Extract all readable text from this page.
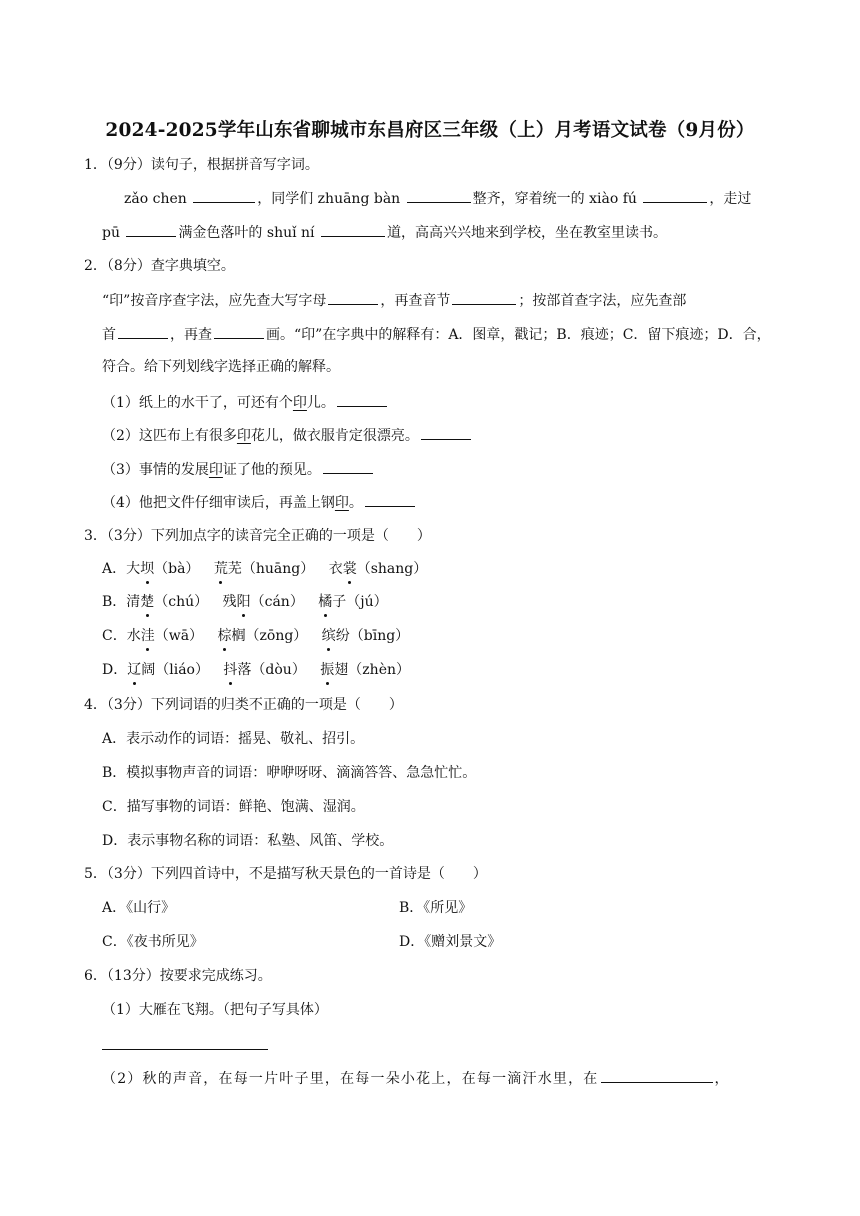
2024-2025学年山东省聊城市东昌府区三年级（上）月考语文试卷（9月份）
1．（9分）读句子，根据拼音写字词。
zǎo chen	，同学们 zhuāng bàn	整齐，穿着统一的 xiào fú	，走过
pū	满金色落叶的 shuǐ ní	道，高高兴兴地来到学校，坐在教室里读书。
2．（8分）查字典填空。
“印”按音序查字法，应先查大写字母	，再查音节	；按部首查字法，应先查部
首	，再查	画。“印”在字典中的解释有：A．图章，戳记；B．痕迹；C．留下痕迹；D．合，
符合。给下列划线字选择正确的解释。
（1）纸上的水干了，可还有个印儿。
（2）这匹布上有很多印花儿，做衣服肯定很漂亮。
（3）事情的发展印证了他的预见。
（4）他把文件仔细审读后，再盖上钢印。
3．（3分）下列加点字的读音完全正确的一项是（　　）
A．大坝（bà） 荒芜（huāng） 衣裳（shang）
B．清楚（chú） 残阳（cán） 橘子（jú）
C．水洼（wā） 棕榈（zōng） 缤纷（bīng）
D．辽阔（liáo） 抖落（dòu） 振翅（zhèn）
4．（3分）下列词语的归类不正确的一项是（　　）
A．表示动作的词语：摇晃、敬礼、招引。
B．模拟事物声音的词语：咿咿呀呀、滴滴答答、急急忙忙。
C．描写事物的词语：鲜艳、饱满、湿润。
D．表示事物名称的词语：私塾、风笛、学校。
5．（3分）下列四首诗中，不是描写秋天景色的一首诗是（　　）
A．《山行》	B．《所见》
C．《夜书所见》	D．《赠刘景文》
6．（13分）按要求完成练习。
（1）大雁在飞翔。（把句子写具体）
（2）秋的声音，在每一片叶子里，在每一朵小花上，在每一滴汗水里，在	，
